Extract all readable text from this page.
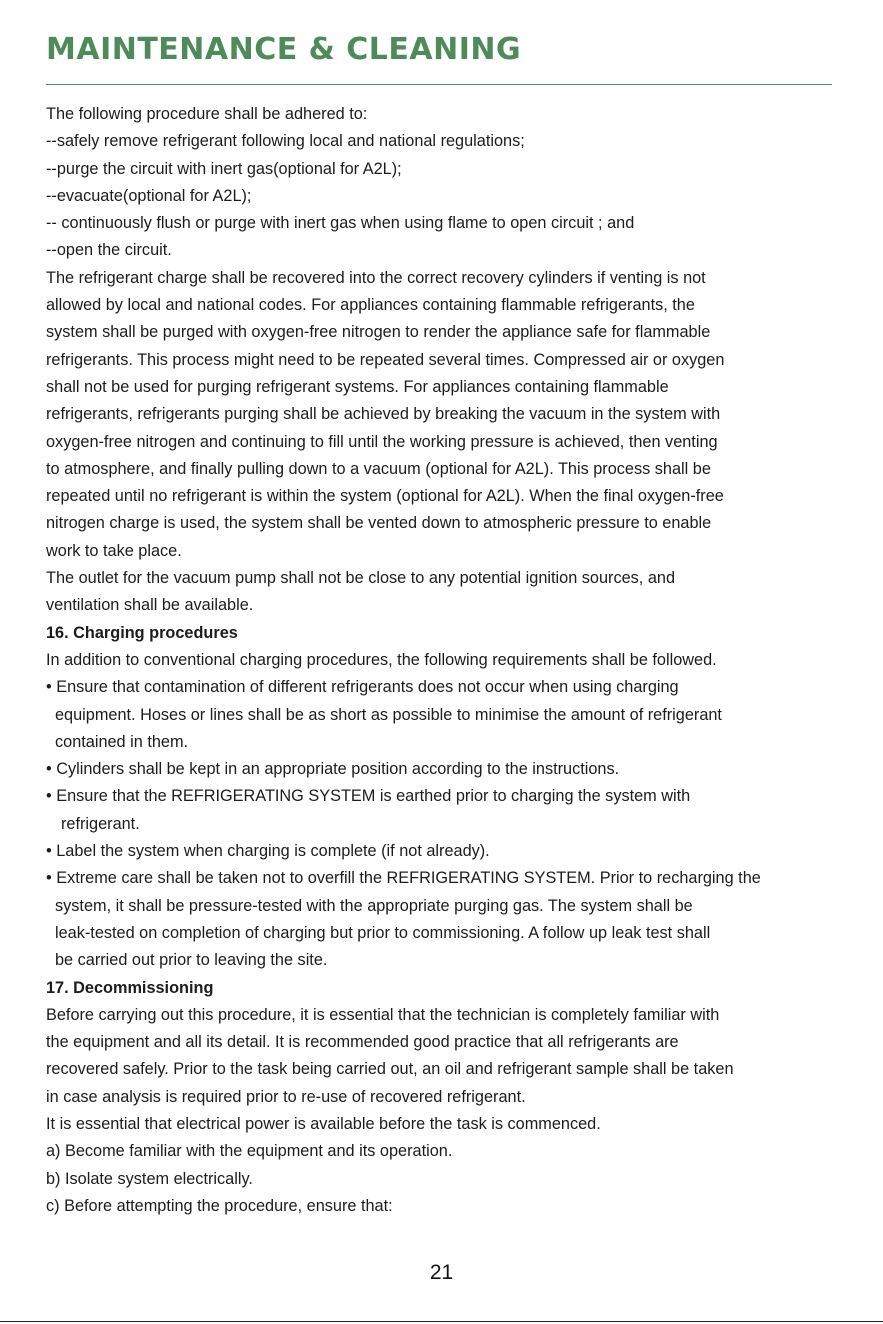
MAINTENANCE & CLEANING
The following procedure shall be adhered to:
--safely remove refrigerant following local and national regulations;
--purge the circuit with inert gas(optional for A2L);
--evacuate(optional for A2L);
-- continuously flush or purge with inert gas when using flame to open circuit ; and
--open the circuit.
The refrigerant charge shall be recovered into the correct recovery cylinders if venting is not
allowed by local and national codes. For appliances containing flammable refrigerants, the
system shall be purged with oxygen-free nitrogen to render the appliance safe for flammable
refrigerants. This process might need to be repeated several times. Compressed air or oxygen
shall not be used for purging refrigerant systems. For appliances containing flammable
refrigerants, refrigerants purging shall be achieved by breaking the vacuum in the system with
oxygen-free nitrogen and continuing to fill until the working pressure is achieved, then venting
to atmosphere, and finally pulling down to a vacuum (optional for A2L). This process shall be
repeated until no refrigerant is within the system (optional for A2L). When the final oxygen-free
nitrogen charge is used, the system shall be vented down to atmospheric pressure to enable
work to take place.
The outlet for the vacuum pump shall not be close to any potential ignition sources, and
ventilation shall be available.
16. Charging procedures
In addition to conventional charging procedures, the following requirements shall be followed.
• Ensure that contamination of different refrigerants does not occur when using charging
equipment. Hoses or lines shall be as short as possible to minimise the amount of refrigerant
contained in them.
• Cylinders shall be kept in an appropriate position according to the instructions.
• Ensure that the REFRIGERATING SYSTEM is earthed prior to charging the system with
refrigerant.
• Label the system when charging is complete (if not already).
• Extreme care shall be taken not to overfill the REFRIGERATING SYSTEM. Prior to recharging the
system, it shall be pressure-tested with the appropriate purging gas. The system shall be
leak-tested on completion of charging but prior to commissioning. A follow up leak test shall
be carried out prior to leaving the site.
17. Decommissioning
Before carrying out this procedure, it is essential that the technician is completely familiar with
the equipment and all its detail. It is recommended good practice that all refrigerants are
recovered safely. Prior to the task being carried out, an oil and refrigerant sample shall be taken
in case analysis is required prior to re-use of recovered refrigerant.
It is essential that electrical power is available before the task is commenced.
a) Become familiar with the equipment and its operation.
b) Isolate system electrically.
c) Before attempting the procedure, ensure that:
21
